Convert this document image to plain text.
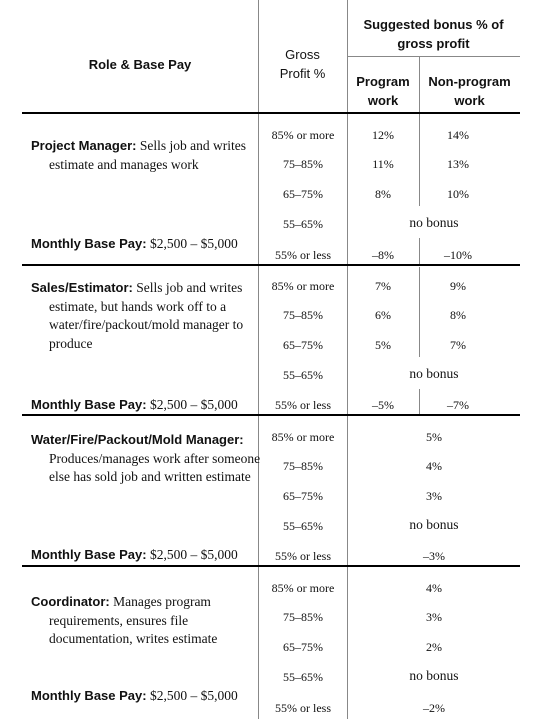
Role & Base Pay
Gross
Profit %
Suggested bonus % of
gross profit
Program
work
Non-program
work
Project Manager: Sells job and writes estimate and manages work
Monthly Base Pay: $2,500 – $5,000
85% or more	12%	14%
75–85%	11%	13%
65–75%	8%	10%
55–65%	no bonus
55% or less	–8%	–10%
Sales/Estimator: Sells job and writes estimate, but hands work off to a water/fire/packout/mold manager to produce
Monthly Base Pay: $2,500 – $5,000
85% or more	7%	9%
75–85%	6%	8%
65–75%	5%	7%
55–65%	no bonus
55% or less	–5%	–7%
Water/Fire/Packout/Mold Manager: Produces/manages work after someone else has sold job and written estimate
Monthly Base Pay: $2,500 – $5,000
85% or more	5%
75–85%	4%
65–75%	3%
55–65%	no bonus
55% or less	–3%
Coordinator: Manages program requirements, ensures file documentation, writes estimate
Monthly Base Pay: $2,500 – $5,000
85% or more	4%
75–85%	3%
65–75%	2%
55–65%	no bonus
55% or less	–2%
